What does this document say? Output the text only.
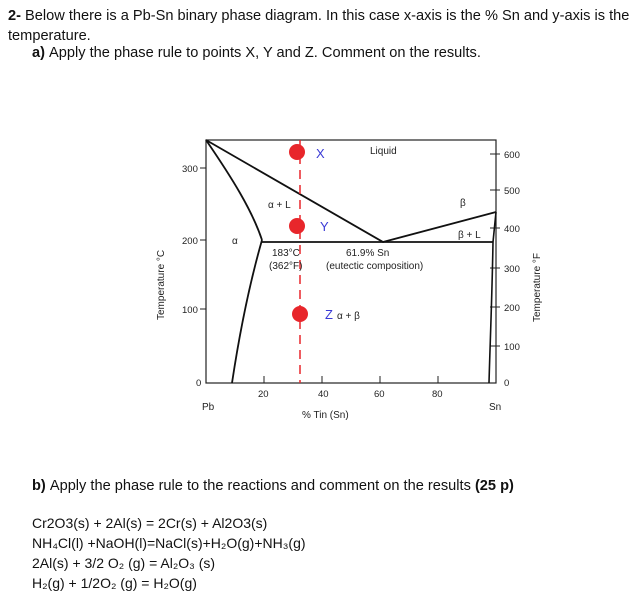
2- Below there is a Pb-Sn binary phase diagram. In this case x-axis is the % Sn and y-axis is the temperature.
a) Apply the phase rule to points X, Y and Z. Comment on the results.
300
200
100
0
600
500
400
300
200
100
0
20	40	60	80
Pb	Sn
% Tin (Sn)
Temperature °C	Temperature °F
X
Y
Z
Liquid
α + L
α
β
β + L
α + β
183°C
(362°F)
61.9% Sn
(eutectic composition)
b) Apply the phase rule to the reactions and comment on the results (25 p)
Cr2O3(s) + 2Al(s) = 2Cr(s) + Al2O3(s)
NH₄Cl(l) +NaOH(l)=NaCl(s)+H₂O(g)+NH₃(g)
2Al(s) + 3/2 O₂ (g) = Al₂O₃ (s)
H₂(g) + 1/2O₂ (g) = H₂O(g)
